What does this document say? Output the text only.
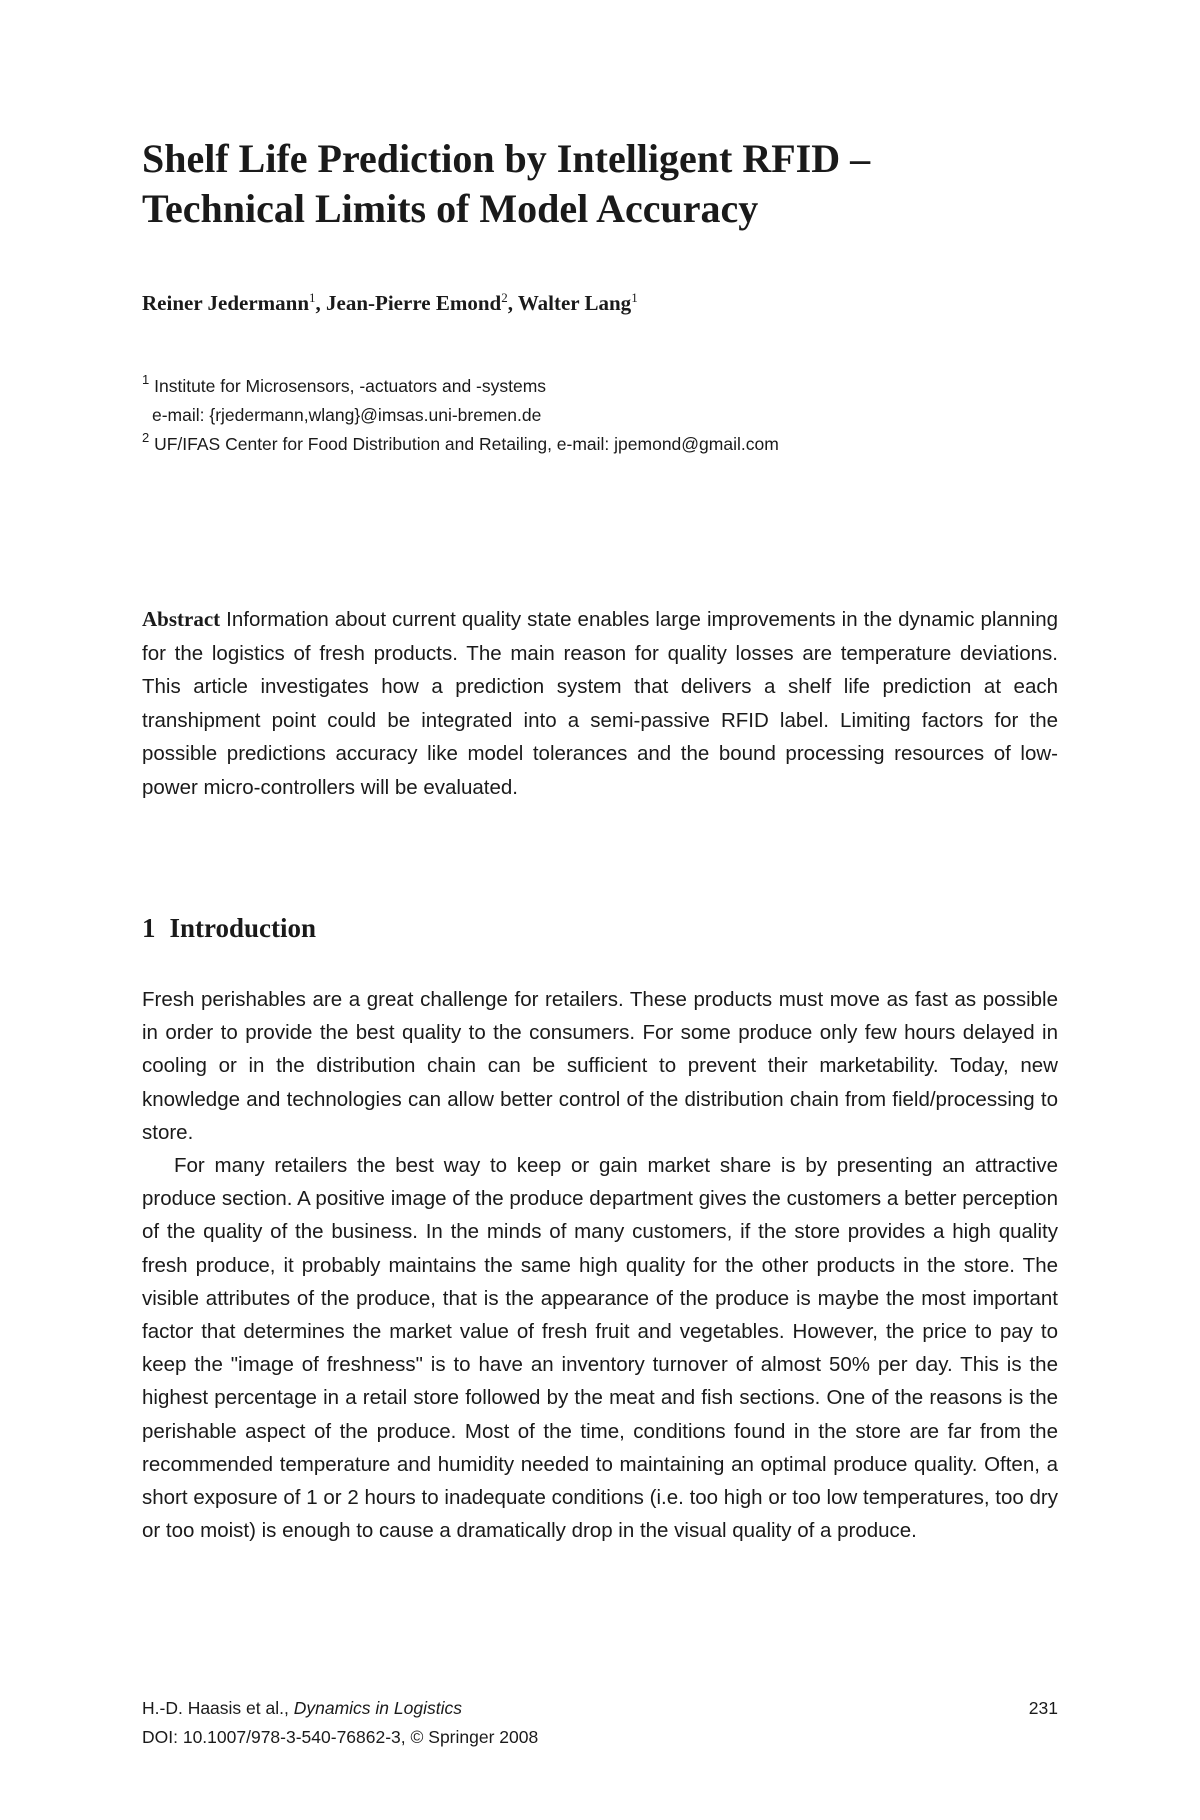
Shelf Life Prediction by Intelligent RFID –
Technical Limits of Model Accuracy
Reiner Jedermann$^1$, Jean-Pierre Emond$^2$, Walter Lang$^1$
$^1$ Institute for Microsensors, -actuators and -systems
e-mail: {rjedermann,wlang}@imsas.uni-bremen.de
$^2$ UF/IFAS Center for Food Distribution and Retailing, e-mail: jpemond@gmail.com

Abstract Information about current quality state enables large improvements in the dynamic planning for the logistics of fresh products. The main reason for quality losses are temperature deviations. This article investigates how a prediction system that delivers a shelf life prediction at each transhipment point could be integrated into a semi-passive RFID label. Limiting factors for the possible predictions accuracy like model tolerances and the bound processing resources of low-power micro-controllers will be evaluated.

1 Introduction

Fresh perishables are a great challenge for retailers. These products must move as fast as possible in order to provide the best quality to the consumers. For some produce only few hours delayed in cooling or in the distribution chain can be sufficient to prevent their marketability. Today, new knowledge and technologies can allow better control of the distribution chain from field/processing to store.

For many retailers the best way to keep or gain market share is by presenting an attractive produce section. A positive image of the produce department gives the customers a better perception of the quality of the business. In the minds of many customers, if the store provides a high quality fresh produce, it probably maintains the same high quality for the other products in the store. The visible attributes of the produce, that is the appearance of the produce is maybe the most important factor that determines the market value of fresh fruit and vegetables. However, the price to pay to keep the "image of freshness" is to have an inventory turnover of almost 50% per day. This is the highest percentage in a retail store followed by the meat and fish sections. One of the reasons is the perishable aspect of the produce. Most of the time, conditions found in the store are far from the recommended temperature and humidity needed to maintaining an optimal produce quality. Often, a short exposure of 1 or 2 hours to inadequate conditions (i.e. too high or too low temperatures, too dry or too moist) is enough to cause a dramatically drop in the visual quality of a produce.

H.-D. Haasis et al., Dynamics in Logistics	231
DOI: 10.1007/978-3-540-76862-3, © Springer 2008
